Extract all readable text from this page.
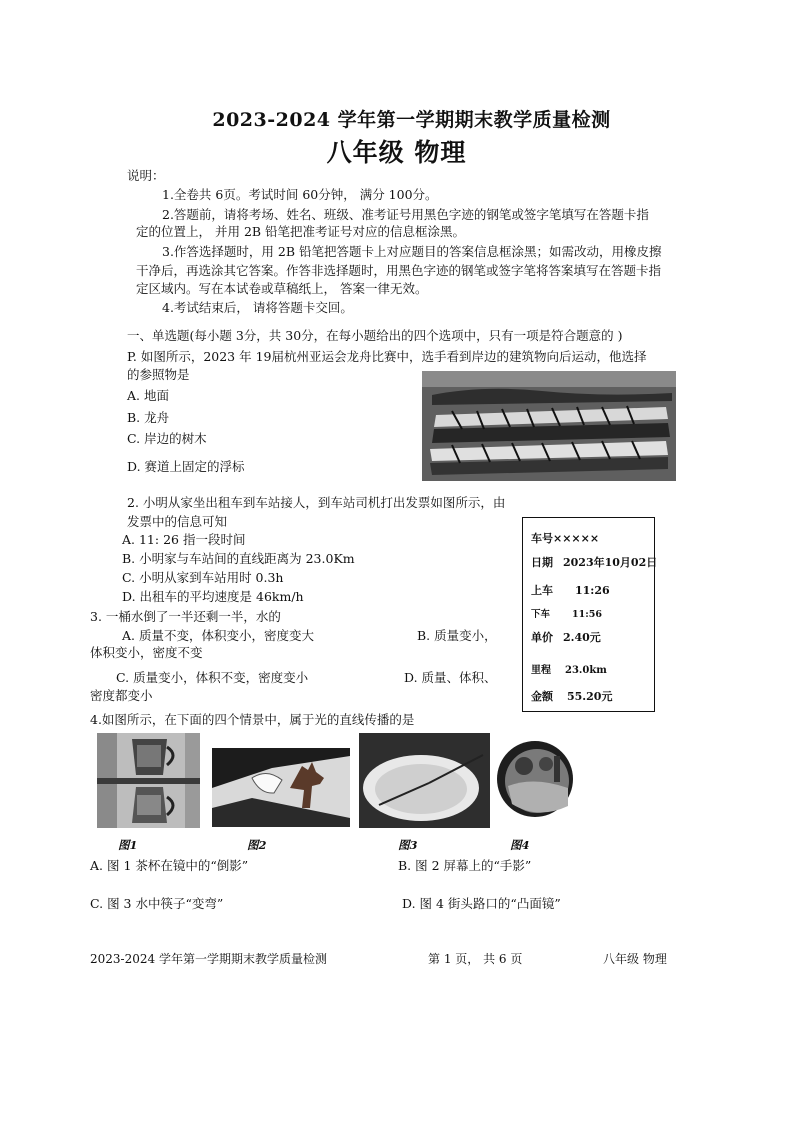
2023-2024 学年第一学期期末教学质量检测
八年级 物理
说明：
1.全卷共 6页。考试时间 60分钟， 满分 100分。
2.答题前，请将考场、姓名、班级、准考证号用黑色字迹的钢笔或签字笔填写在答题卡指
定的位置上， 并用 2B 铅笔把准考证号对应的信息框涂黑。
3.作答选择题时，用 2B 铅笔把答题卡上对应题目的答案信息框涂黑；如需改动，用橡皮擦
干净后，再选涂其它答案。作答非选择题时，用黑色字迹的钢笔或签字笔将答案填写在答题卡指
定区域内。写在本试卷或草稿纸上， 答案一律无效。
4.考试结束后， 请将答题卡交回。
一、单选题(每小题 3分，共 30分，在每小题给出的四个选项中，只有一项是符合题意的 )
P. 如图所示，2023 年 19届杭州亚运会龙舟比赛中，选手看到岸边的建筑物向后运动，他选择
的参照物是
A. 地面
B. 龙舟
C. 岸边的树木
D. 赛道上固定的浮标
2. 小明从家坐出租车到车站接人，到车站司机打出发票如图所示，由
发票中的信息可知
A. 11: 26 指一段时间
B. 小明家与车站间的直线距离为 23.0Km
C. 小明从家到车站用时 0.3h
D. 出租车的平均速度是 46km/h
车号×××××
日期 2023年10月02日
上车 11:26
下车 11:56
单价 2.40元
里程 23.0km
金额 55.20元
3. 一桶水倒了一半还剩一半，水的
A. 质量不变，体积变小，密度变大	B. 质量变小，
体积变小，密度不变
C. 质量变小，体积不变，密度变小	D. 质量、体积、
密度都变小
4.如图所示，在下面的四个情景中，属于光的直线传播的是
图1	图2	图3	图4
A. 图 1 茶杯在镜中的“倒影”	B. 图 2 屏幕上的“手影”
C. 图 3 水中筷子“变弯”	D. 图 4 街头路口的“凸面镜”
2023-2024 学年第一学期期末教学质量检测	第 1 页， 共 6 页	八年级 物理
